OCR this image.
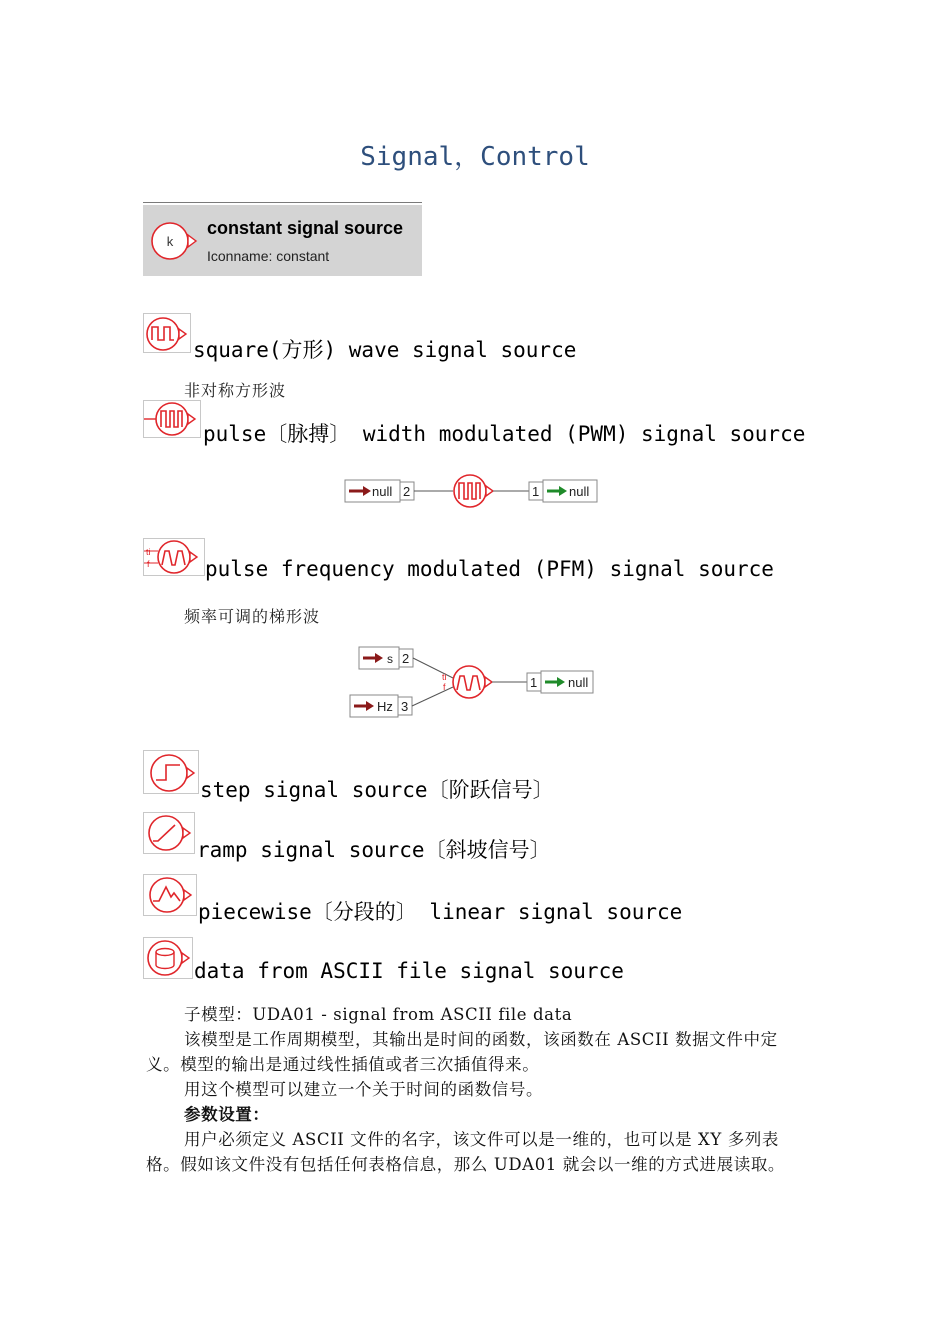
Signal，Control
k
constant signal source
Iconname: constant
square(方形) wave signal source
非对称方形波
pulse〔脉搏〕 width modulated (PWM) signal source
null 2	1 null
ti
f	pulse frequency modulated (PFM) signal source
频率可调的梯形波
s 2
Hz 3
ti
f	1 null
step signal source〔阶跃信号〕
ramp signal source〔斜坡信号〕
piecewise〔分段的〕 linear signal source
data from ASCII file signal source
子模型：UDA01 - signal from ASCII file data
该模型是工作周期模型，其输出是时间的函数，该函数在 ASCII 数据文件中定义。模型的输出是通过线性插值或者三次插值得来。
用这个模型可以建立一个关于时间的函数信号。
参数设置：
用户必须定义 ASCII 文件的名字，该文件可以是一维的，也可以是 XY 多列表格。假如该文件没有包括任何表格信息，那么 UDA01 就会以一维的方式进展读取。
